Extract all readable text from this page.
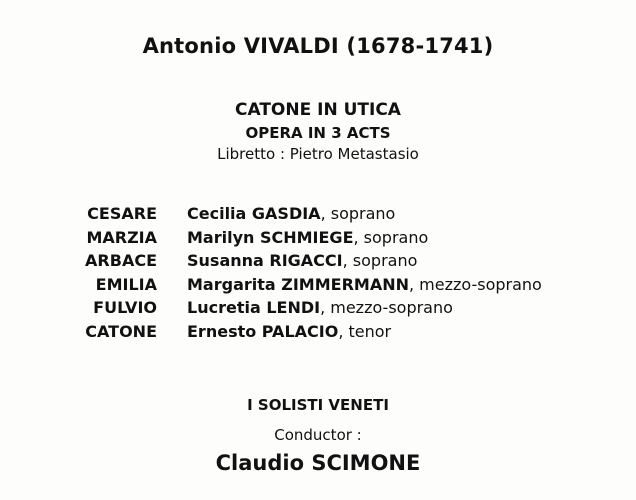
Antonio VIVALDI (1678-1741)
CATONE IN UTICA
OPERA IN 3 ACTS
Libretto : Pietro Metastasio
CESARE Cecilia GASDIA, soprano
MARZIA Marilyn SCHMIEGE, soprano
ARBACE Susanna RIGACCI, soprano
EMILIA Margarita ZIMMERMANN, mezzo-soprano
FULVIO Lucretia LENDI, mezzo-soprano
CATONE Ernesto PALACIO, tenor
I SOLISTI VENETI
Conductor :
Claudio SCIMONE
